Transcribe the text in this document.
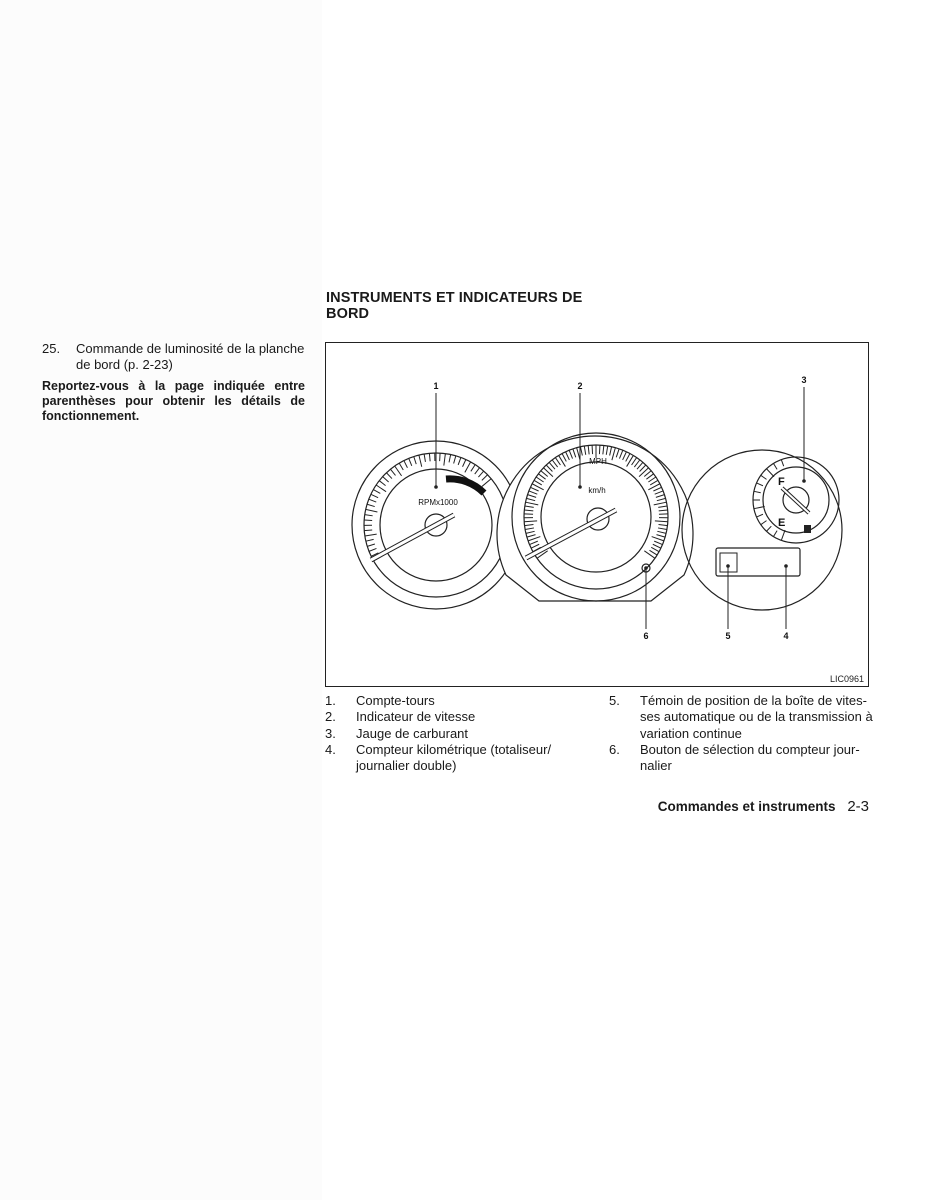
25. Commande de luminosité de la planche
de bord (p. 2-23)
Reportez-vous à la page indiquée entre parenthèses pour obtenir les détails de fonctionnement.
INSTRUMENTS ET INDICATEURS DE
BORD
1	2
3
4
5
6
RPMx1000
MPH
km/h
F
E
LIC0961
1. Compte-tours
2. Indicateur de vitesse
3. Jauge de carburant
4. Compteur kilométrique (totaliseur/
journalier double)
5. Témoin de position de la boîte de vites-
ses automatique ou de la transmission à
variation continue
6. Bouton de sélection du compteur jour-
nalier
Commandes et instruments 2-3
